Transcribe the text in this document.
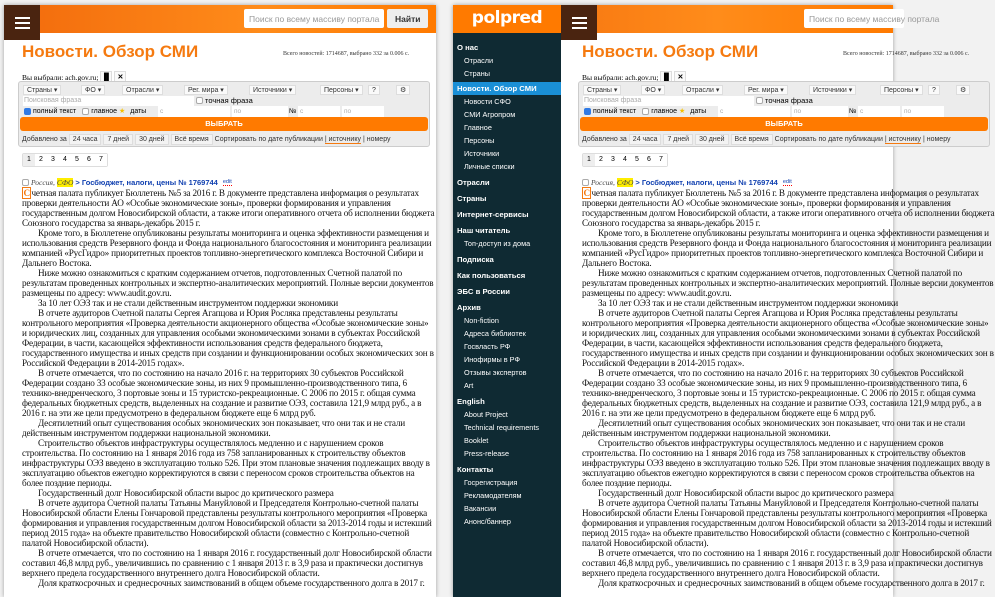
Поиск по всему массиву портала	Найти
Новости. Обзор СМИ	Всего новостей: 1714687, выбрано 332 за 0.006 с.
Вы выбрали: ach.gov.ru; ▐▌ ✕
Страны ▾	ФО ▾	Отрасли ▾	Рег. мира ▾	Источники ▾	Персоны ▾	?	⚙
Поисковая фраза	точная фраза
полный текст главное ★ даты	с	по	№ с	по
ВЫБРАТЬ
Добавлено за 24 часа	7 дней	30 дней	Всё время Сортировать по дате публикации | источнику | номеру
1	2	3	4	5	6	7
Россия, СФО > Госбюджет, налоги, цены № 1769744 edit

С четная палата публикует Бюллетень №5 за 2016 г. В документе представлена информация о результатах проверки деятельности АО «Особые экономические зоны», проверки формирования и управления государственным долгом Новосибирской области, а также итоги оперативного отчета об исполнении бюджета Союзного государства за январь-декабрь 2015 г.

Кроме того, в Бюллетене опубликованы результаты мониторинга и оценка эффективности размещения и использования средств Резервного фонда и Фонда национального благосостояния и мониторинга реализации компанией «РусГидро» приоритетных проектов топливно-энергетического комплекса Восточной Сибири и Дальнего Востока.

Ниже можно ознакомиться с кратким содержанием отчетов, подготовленных Счетной палатой по результатам проведенных контрольных и экспертно-аналитических мероприятий. Полные версии документов размещены по адресу: www.audit.gov.ru.

За 10 лет ОЭЗ так и не стали действенным инструментом поддержки экономики

В отчете аудиторов Счетной палаты Сергея Агапцова и Юрия Росляка представлены результаты контрольного мероприятия «Проверка деятельности акционерного общества «Особые экономические зоны» и юридических лиц, созданных для управления особыми экономическими зонами в субъектах Российской Федерации, в части, касающейся эффективности использования средств федерального бюджета, государственного имущества и иных средств при создании и функционировании особых экономических зон в Российской Федерации в 2014-2015 годах».

В отчете отмечается, что по состоянию на начало 2016 г. на территориях 30 субъектов Российской Федерации создано 33 особые экономические зоны, из них 9 промышленно-производственного типа, 6 технико-внедренческого, 3 портовые зоны и 15 туристско-рекреационные. С 2006 по 2015 г. общая сумма федеральных бюджетных средств, выделенных на создание и развитие ОЭЗ, составила 121,9 млрд руб., а в 2016 г. на эти же цели предусмотрено в федеральном бюджете еще 6 млрд руб.

Десятилетний опыт существования особых экономических зон показывает, что они так и не стали действенным инструментом поддержки национальной экономики.

Строительство объектов инфраструктуры осуществлялось медленно и с нарушением сроков строительства. По состоянию на 1 января 2016 года из 758 запланированных к строительству объектов инфраструктуры ОЭЗ введено в эксплуатацию только 526. При этом плановые значения подлежащих вводу в эксплуатацию объектов ежегодно корректируются в связи с переносом сроков строительства объектов на более поздние периоды.

Государственный долг Новосибирской области вырос до критического размера

В отчете аудитора Счетной палаты Татьяны Мануйловой и Председателя Контрольно-счетной палаты Новосибирской области Елены Гончаровой представлены результаты контрольного мероприятия «Проверка формирования и управления государственным долгом Новосибирской области за 2013-2014 годы и истекший период 2015 года» на объекте правительство Новосибирской области (совместно с Контрольно-счетной палатой Новосибирской области).

В отчете отмечается, что по состоянию на 1 января 2016 г. государственный долг Новосибирской области составил 46,8 млрд руб., увеличившись по сравнению с 1 января 2013 г. в 3,9 раза и практически достигнув верхнего предела государственного внутреннего долга Новосибирской области.

Доля краткосрочных и среднесрочных заимствований в общем объеме государственного долга в 2017 г.

polpred
О нас
Отрасли
Страны
Новости. Обзор СМИ
Новости СФО
СМИ Агропром
Главное
Персоны
Источники
Личные списки
Отрасли
Страны
Интернет-сервисы
Наш читатель
Топ-доступ из дома
Подписка
Как пользоваться
ЭБС в России
Архив
Non-fiction
Адреса библиотек
Госвласть РФ
Инофирмы в РФ
Отзывы экспертов
Art
English
About Project
Technical requirements
Booklet
Press-release
Контакты
Госрегистрация
Рекламодателям
Вакансии
Анонс/баннер
Поиск по всему массиву портала
Новости. Обзор СМИ	Всего новостей: 1714687, выбрано 332 за 0.006 с.
Вы выбрали: ach.gov.ru; ▐▌ ✕
Страны ▾	ФО ▾	Отрасли ▾	Рег. мира ▾	Источники ▾	Персоны ▾	?	⚙
Поисковая фраза	точная фраза
полный текст главное ★ даты	с	по	№ с	по
ВЫБРАТЬ
Добавлено за 24 часа	7 дней	30 дней	Всё время Сортировать по дате публикации | источнику | номеру
1	2	3	4	5	6	7
Россия, СФО > Госбюджет, налоги, цены № 1769744 edit

С четная палата публикует Бюллетень №5 за 2016 г. В документе представлена информация о результатах проверки деятельности АО «Особые экономические зоны», проверки формирования и управления государственным долгом Новосибирской области, а также итоги оперативного отчета об исполнении бюджета Союзного государства за январь-декабрь 2015 г.

Кроме того, в Бюллетене опубликованы результаты мониторинга и оценка эффективности размещения и использования средств Резервного фонда и Фонда национального благосостояния и мониторинга реализации компанией «РусГидро» приоритетных проектов топливно-энергетического комплекса Восточной Сибири и Дальнего Востока.

Ниже можно ознакомиться с кратким содержанием отчетов, подготовленных Счетной палатой по результатам проведенных контрольных и экспертно-аналитических мероприятий. Полные версии документов размещены по адресу: www.audit.gov.ru.

За 10 лет ОЭЗ так и не стали действенным инструментом поддержки экономики

В отчете аудиторов Счетной палаты Сергея Агапцова и Юрия Росляка представлены результаты контрольного мероприятия «Проверка деятельности акционерного общества «Особые экономические зоны» и юридических лиц, созданных для управления особыми экономическими зонами в субъектах Российской Федерации, в части, касающейся эффективности использования средств федерального бюджета, государственного имущества и иных средств при создании и функционировании особых экономических зон в Российской Федерации в 2014-2015 годах».

В отчете отмечается, что по состоянию на начало 2016 г. на территориях 30 субъектов Российской Федерации создано 33 особые экономические зоны, из них 9 промышленно-производственного типа, 6 технико-внедренческого, 3 портовые зоны и 15 туристско-рекреационные. С 2006 по 2015 г. общая сумма федеральных бюджетных средств, выделенных на создание и развитие ОЭЗ, составила 121,9 млрд руб., а в 2016 г. на эти же цели предусмотрено в федеральном бюджете еще 6 млрд руб.

Десятилетний опыт существования особых экономических зон показывает, что они так и не стали действенным инструментом поддержки национальной экономики.

Строительство объектов инфраструктуры осуществлялось медленно и с нарушением сроков строительства. По состоянию на 1 января 2016 года из 758 запланированных к строительству объектов инфраструктуры ОЭЗ введено в эксплуатацию только 526. При этом плановые значения подлежащих вводу в эксплуатацию объектов ежегодно корректируются в связи с переносом сроков строительства объектов на более поздние периоды.

Государственный долг Новосибирской области вырос до критического размера

В отчете аудитора Счетной палаты Татьяны Мануйловой и Председателя Контрольно-счетной палаты Новосибирской области Елены Гончаровой представлены результаты контрольного мероприятия «Проверка формирования и управления государственным долгом Новосибирской области за 2013-2014 годы и истекший период 2015 года» на объекте правительство Новосибирской области (совместно с Контрольно-счетной палатой Новосибирской области).

В отчете отмечается, что по состоянию на 1 января 2016 г. государственный долг Новосибирской области составил 46,8 млрд руб., увеличившись по сравнению с 1 января 2013 г. в 3,9 раза и практически достигнув верхнего предела государственного внутреннего долга Новосибирской области.

Доля краткосрочных и среднесрочных заимствований в общем объеме государственного долга в 2017 г.
